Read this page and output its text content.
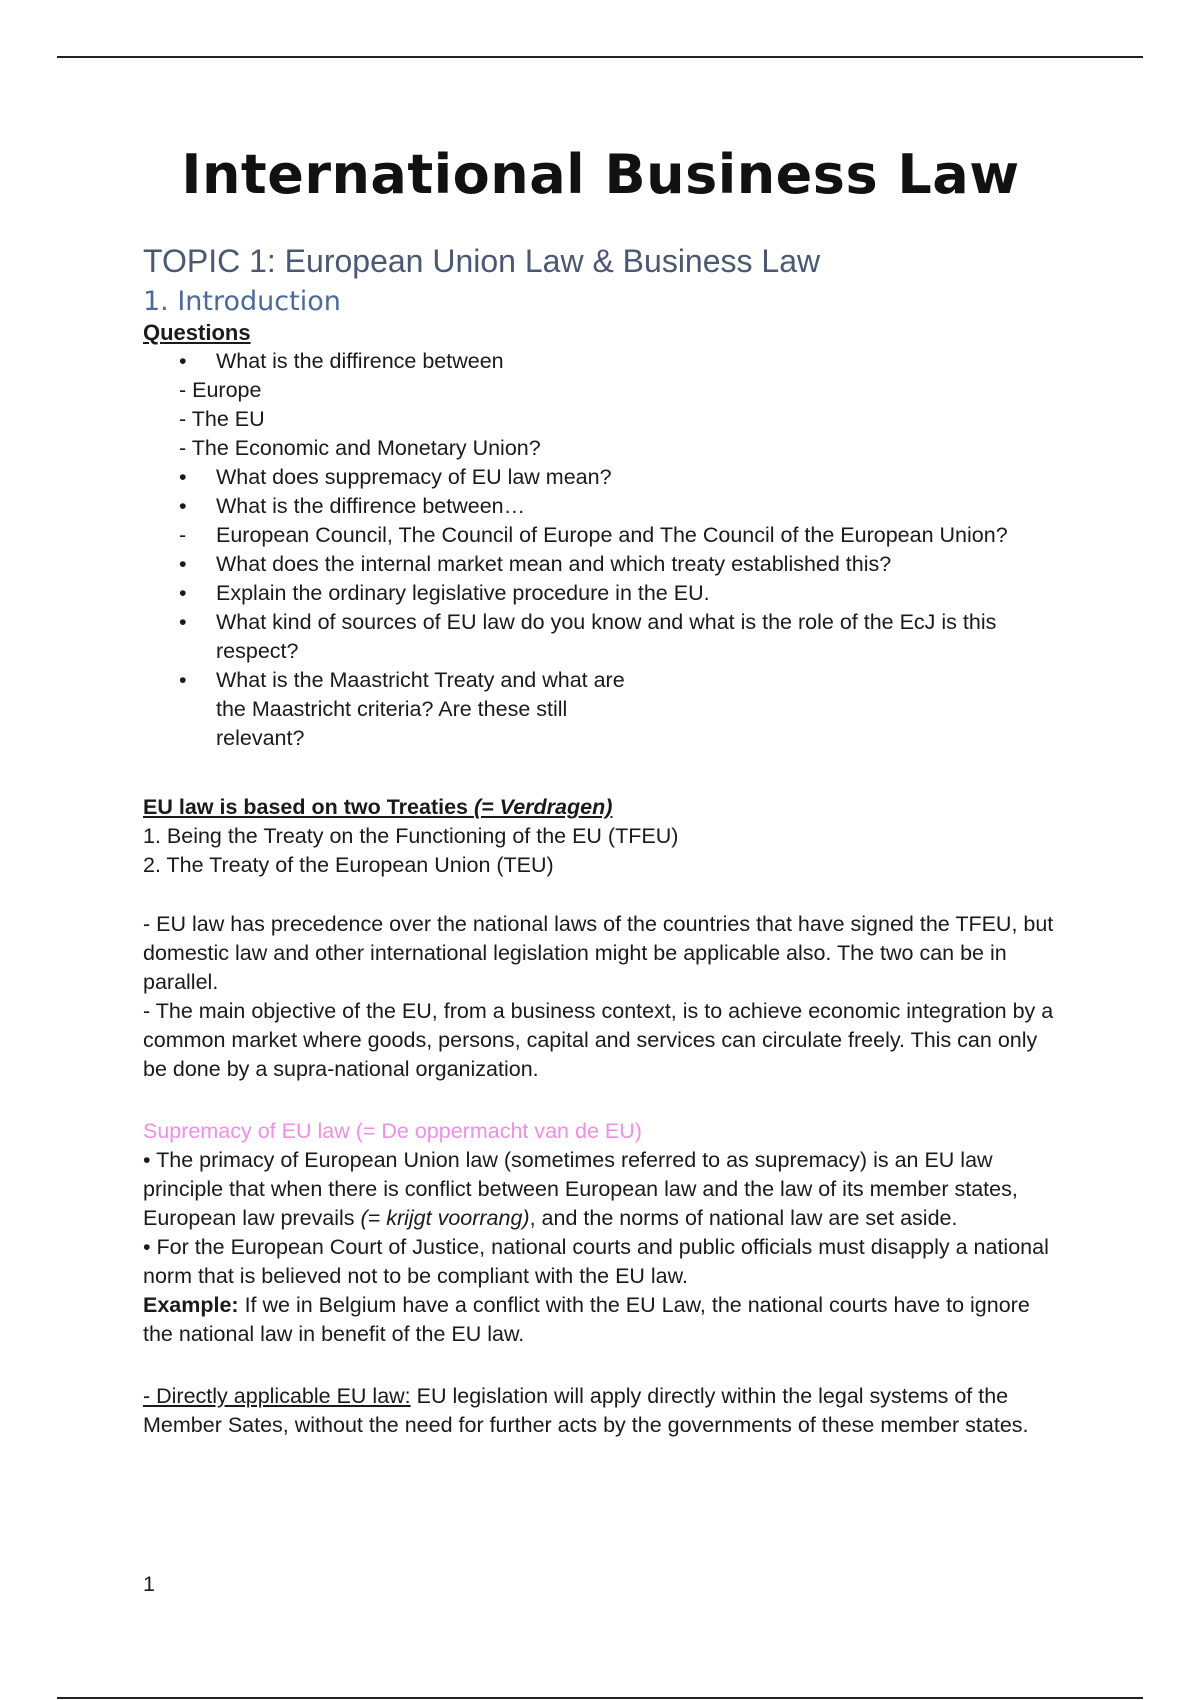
International Business Law
TOPIC 1: European Union Law & Business Law
1. Introduction
Questions
• What is the diffirence between
- Europe
- The EU
- The Economic and Monetary Union?
• What does suppremacy of EU law mean?
• What is the diffirence between…
- European Council, The Council of Europe and The Council of the European Union?
• What does the internal market mean and which treaty established this?
• Explain the ordinary legislative procedure in the EU.
• What kind of sources of EU law do you know and what is the role of the EcJ is this respect?
• What is the Maastricht Treaty and what are the Maastricht criteria? Are these still relevant?

EU law is based on two Treaties (= Verdragen)

1. Being the Treaty on the Functioning of the EU (TFEU)

2. The Treaty of the European Union (TEU)

- EU law has precedence over the national laws of the countries that have signed the TFEU, but domestic law and other international legislation might be applicable also. The two can be in parallel.

- The main objective of the EU, from a business context, is to achieve economic integration by a common market where goods, persons, capital and services can circulate freely. This can only be done by a supra-national organization.

Supremacy of EU law (= De oppermacht van de EU)

• The primacy of European Union law (sometimes referred to as supremacy) is an EU law principle that when there is conflict between European law and the law of its member states, European law prevails (= krijgt voorrang), and the norms of national law are set aside.

• For the European Court of Justice, national courts and public officials must disapply a national norm that is believed not to be compliant with the EU law.

Example: If we in Belgium have a conflict with the EU Law, the national courts have to ignore the national law in benefit of the EU law.

- Directly applicable EU law: EU legislation will apply directly within the legal systems of the Member Sates, without the need for further acts by the governments of these member states.

1
